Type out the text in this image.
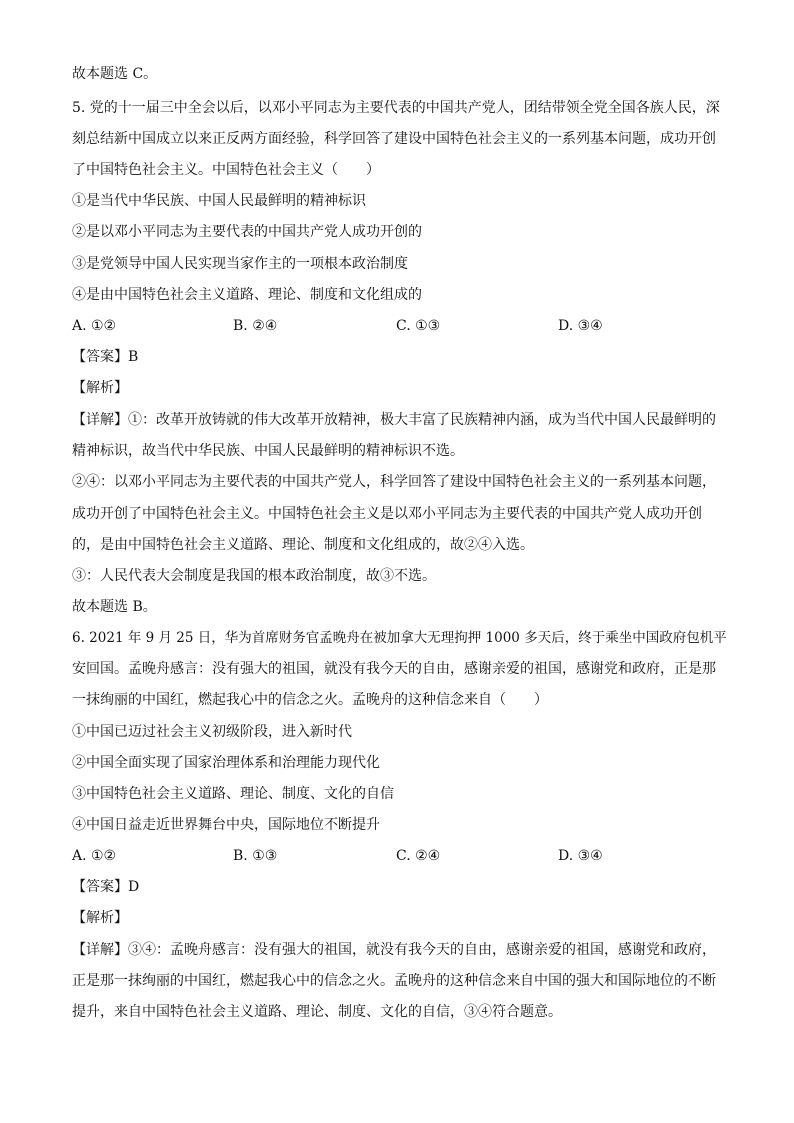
故本题选 C。
5. 党的十一届三中全会以后，以邓小平同志为主要代表的中国共产党人，团结带领全党全国各族人民，深
刻总结新中国成立以来正反两方面经验，科学回答了建设中国特色社会主义的一系列基本问题，成功开创
了中国特色社会主义。中国特色社会主义（　　）
①是当代中华民族、中国人民最鲜明的精神标识
②是以邓小平同志为主要代表的中国共产党人成功开创的
③是党领导中国人民实现当家作主的一项根本政治制度
④是由中国特色社会主义道路、理论、制度和文化组成的
A. ①②	B. ②④	C. ①③	D. ③④
【答案】B
【解析】
【详解】①：改革开放铸就的伟大改革开放精神，极大丰富了民族精神内涵，成为当代中国人民最鲜明的
精神标识，故当代中华民族、中国人民最鲜明的精神标识不选。
②④：以邓小平同志为主要代表的中国共产党人，科学回答了建设中国特色社会主义的一系列基本问题，
成功开创了中国特色社会主义。中国特色社会主义是以邓小平同志为主要代表的中国共产党人成功开创
的，是由中国特色社会主义道路、理论、制度和文化组成的，故②④入选。
③：人民代表大会制度是我国的根本政治制度，故③不选。
故本题选 B。
6. 2021 年 9 月 25 日，华为首席财务官孟晚舟在被加拿大无理拘押 1000 多天后，终于乘坐中国政府包机平
安回国。孟晚舟感言：没有强大的祖国，就没有我今天的自由，感谢亲爱的祖国，感谢党和政府，正是那
一抹绚丽的中国红，燃起我心中的信念之火。孟晚舟的这种信念来自（　　）
①中国已迈过社会主义初级阶段，进入新时代
②中国全面实现了国家治理体系和治理能力现代化
③中国特色社会主义道路、理论、制度、文化的自信
④中国日益走近世界舞台中央，国际地位不断提升
A. ①②	B. ①③	C. ②④	D. ③④
【答案】D
【解析】
【详解】③④：孟晚舟感言：没有强大的祖国，就没有我今天的自由，感谢亲爱的祖国，感谢党和政府，
正是那一抹绚丽的中国红，燃起我心中的信念之火。孟晚舟的这种信念来自中国的强大和国际地位的不断
提升，来自中国特色社会主义道路、理论、制度、文化的自信，③④符合题意。
